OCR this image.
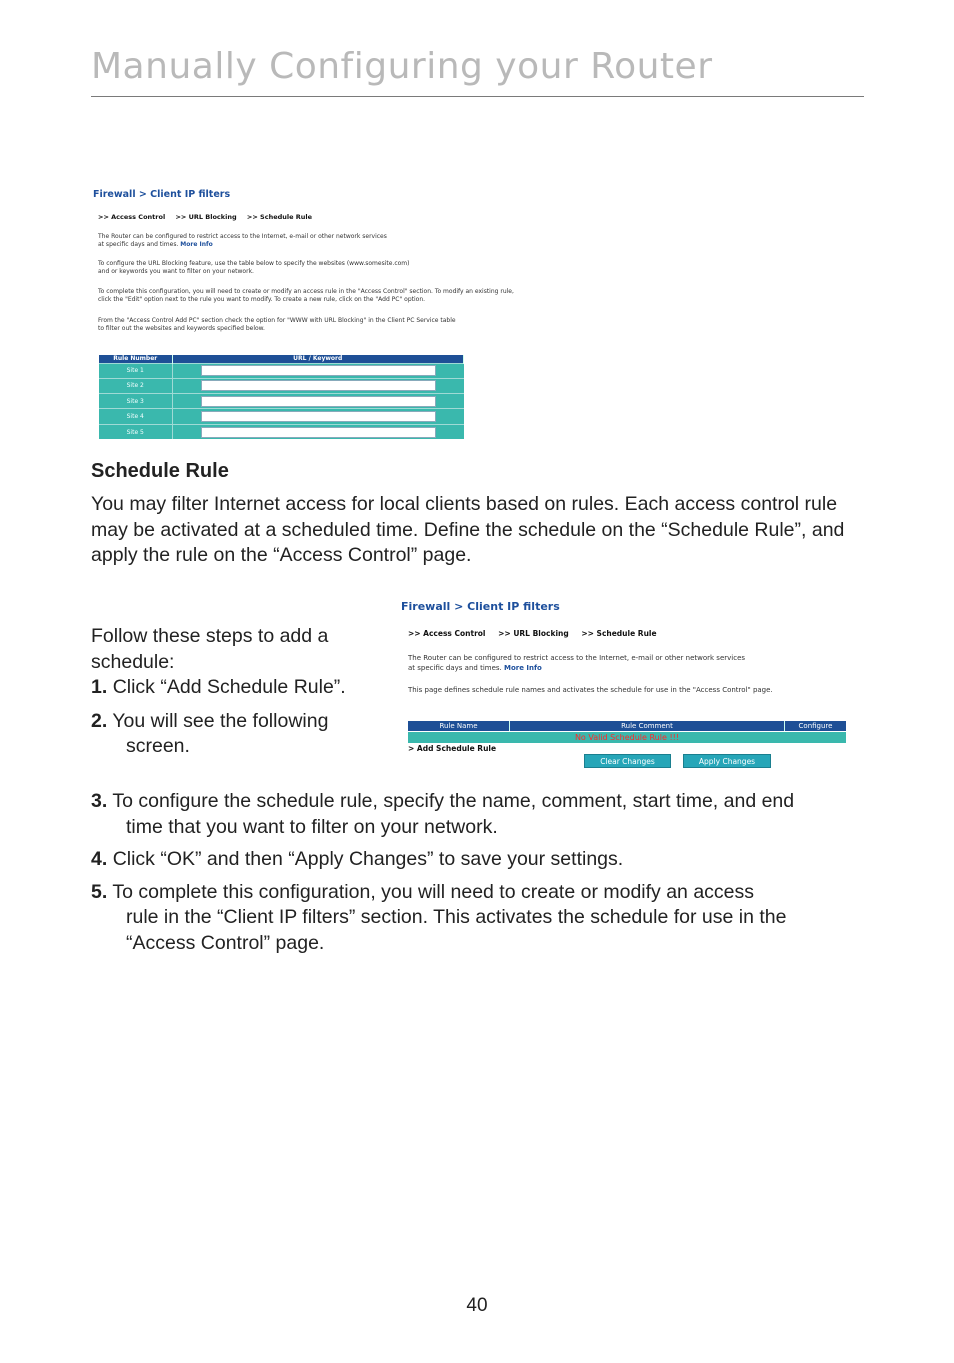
Manually Configuring your Router
Firewall > Client IP filters
>> Access Control >> URL Blocking >> Schedule Rule
The Router can be configured to restrict access to the Internet, e-mail or other network services
at specific days and times. More Info
To configure the URL Blocking feature, use the table below to specify the websites (www.somesite.com)
and or keywords you want to filter on your network.
To complete this configuration, you will need to create or modify an access rule in the "Access Control" section. To modify an existing rule,
click the "Edit" option next to the rule you want to modify. To create a new rule, click on the "Add PC" option.
From the "Access Control Add PC" section check the option for "WWW with URL Blocking" in the Client PC Service table
to filter out the websites and keywords specified below.
Rule Number	URL / Keyword
Site 1	

Site 2	

Site 3	

Site 4	

Site 5	
Schedule Rule

You may filter Internet access for local clients based on rules. Each access control rule may be activated at a scheduled time. Define the schedule on the “Schedule Rule”, and apply the rule on the “Access Control” page.

Follow these steps to add a schedule:
1. Click “Add Schedule Rule”.
2. You will see the following
screen.
Firewall > Client IP filters
>> Access Control >> URL Blocking >> Schedule Rule
The Router can be configured to restrict access to the Internet, e-mail or other network services
at specific days and times. More Info
This page defines schedule rule names and activates the schedule for use in the "Access Control" page.
Rule Name	Rule Comment	Configure
No Valid Schedule Rule !!!
> Add Schedule Rule
Clear Changes	Apply Changes
3. To configure the schedule rule, specify the name, comment, start time, and end
time that you want to filter on your network.
4. Click “OK” and then “Apply Changes” to save your settings.
5. To complete this configuration, you will need to create or modify an access
rule in the “Client IP filters” section. This activates the schedule for use in the
“Access Control” page.
40
